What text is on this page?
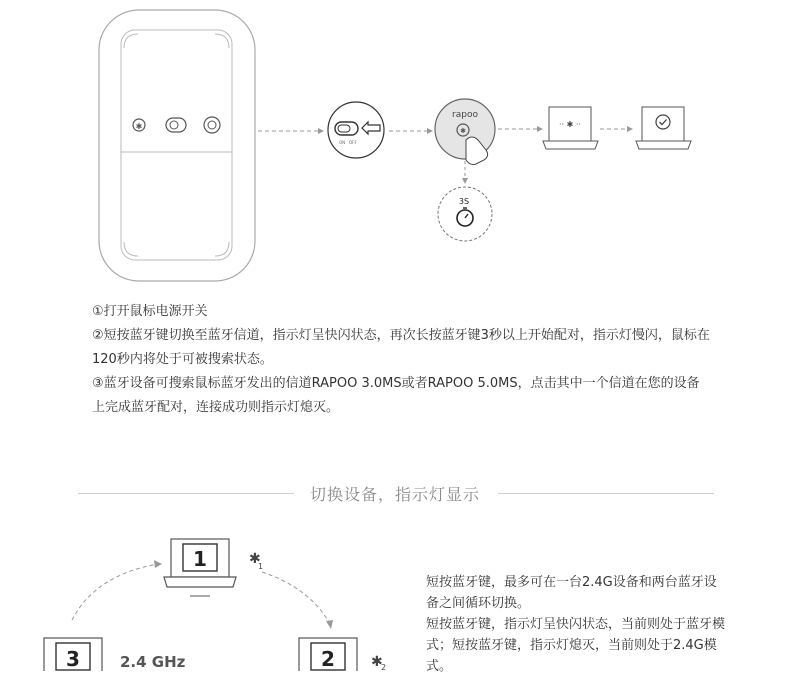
✱
ON OFF
rapoo
✱
3S
·· ✱ ··

①打开鼠标电源开关

②短按蓝牙键切换至蓝牙信道，指示灯呈快闪状态，再次长按蓝牙键3秒以上开始配对，指示灯慢闪，鼠标在120秒内将处于可被搜索状态。

③蓝牙设备可搜索鼠标蓝牙发出的信道RAPOO 3.0MS或者RAPOO 5.0MS，点击其中一个信道在您的设备上完成蓝牙配对，连接成功则指示灯熄灭。

切换设备，指示灯显示
1	✱
1
3	2.4 GHz	2	✱
2

短按蓝牙键，最多可在一台2.4G设备和两台蓝牙设备之间循环切换。

短按蓝牙键，指示灯呈快闪状态，当前则处于蓝牙模式；短按蓝牙键，指示灯熄灭，当前则处于2.4G模式。
